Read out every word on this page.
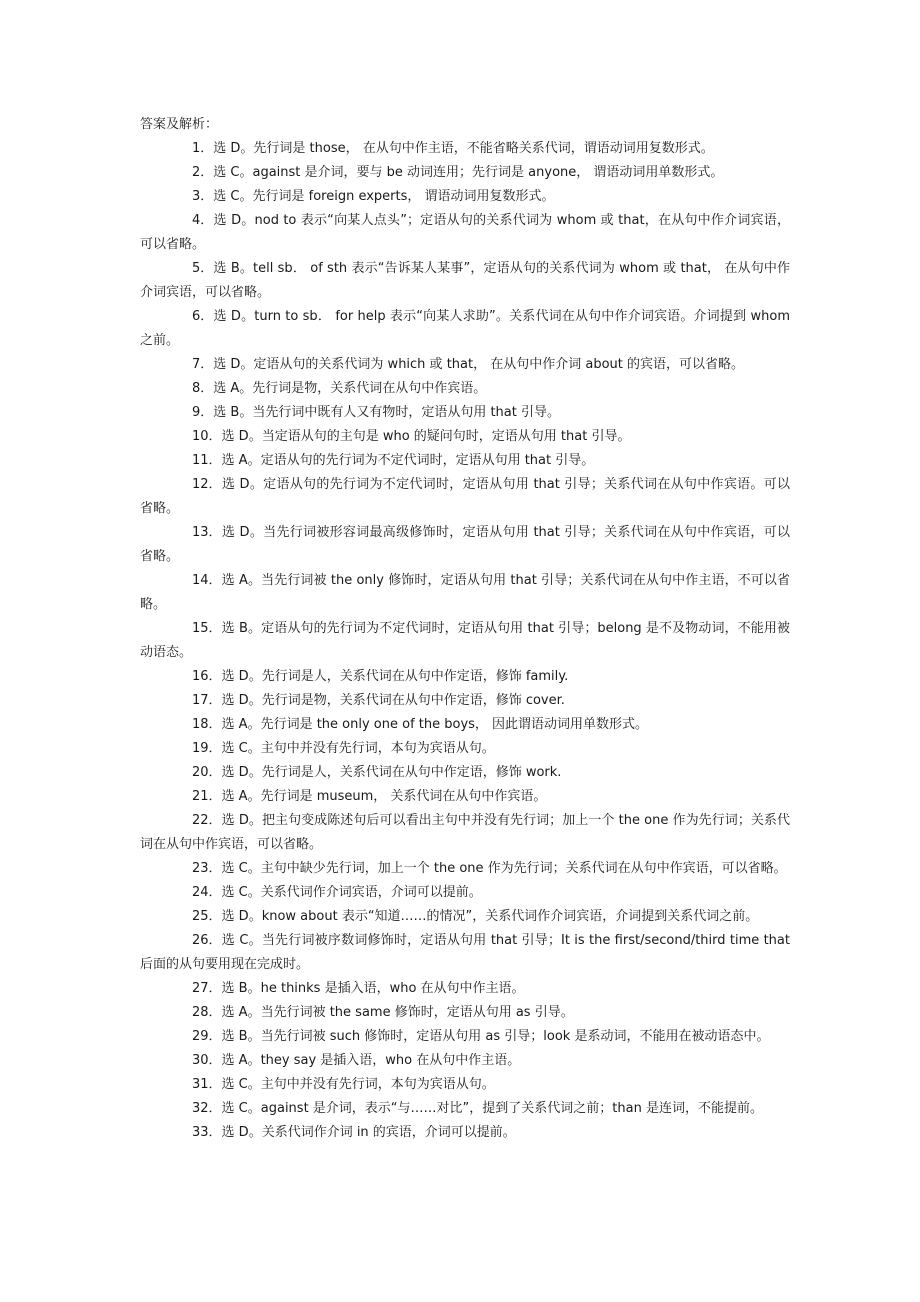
答案及解析：

1．选 D。先行词是 those， 在从句中作主语，不能省略关系代词，谓语动词用复数形式。

2．选 C。against 是介词，要与 be 动词连用；先行词是 anyone， 谓语动词用单数形式。

3．选 C。先行词是 foreign experts， 谓语动词用复数形式。

4．选 D。nod to 表示“向某人点头”；定语从句的关系代词为 whom 或 that，在从句中作介词宾语，可以省略。

5．选 B。tell sb． of sth 表示“告诉某人某事”，定语从句的关系代词为 whom 或 that， 在从句中作介词宾语，可以省略。

6．选 D。turn to sb． for help 表示“向某人求助”。关系代词在从句中作介词宾语。介词提到 whom 之前。

7．选 D。定语从句的关系代词为 which 或 that， 在从句中作介词 about 的宾语，可以省略。

8．选 A。先行词是物，关系代词在从句中作宾语。

9．选 B。当先行词中既有人又有物时，定语从句用 that 引导。

10．选 D。当定语从句的主句是 who 的疑问句时，定语从句用 that 引导。

11．选 A。定语从句的先行词为不定代词时，定语从句用 that 引导。

12．选 D。定语从句的先行词为不定代词时，定语从句用 that 引导；关系代词在从句中作宾语。可以省略。

13．选 D。当先行词被形容词最高级修饰时，定语从句用 that 引导；关系代词在从句中作宾语，可以省略。

14．选 A。当先行词被 the only 修饰时，定语从句用 that 引导；关系代词在从句中作主语，不可以省略。

15．选 B。定语从句的先行词为不定代词时，定语从句用 that 引导；belong 是不及物动词，不能用被动语态。

16．选 D。先行词是人，关系代词在从句中作定语，修饰 family.

17．选 D。先行词是物，关系代词在从句中作定语，修饰 cover.

18．选 A。先行词是 the only one of the boys， 因此谓语动词用单数形式。

19．选 C。主句中并没有先行词，本句为宾语从句。

20．选 D。先行词是人，关系代词在从句中作定语，修饰 work.

21．选 A。先行词是 museum， 关系代词在从句中作宾语。

22．选 D。把主句变成陈述句后可以看出主句中并没有先行词；加上一个 the one 作为先行词；关系代词在从句中作宾语，可以省略。

23．选 C。主句中缺少先行词，加上一个 the one 作为先行词；关系代词在从句中作宾语，可以省略。

24．选 C。关系代词作介词宾语，介词可以提前。

25．选 D。know about 表示“知道……的情况”，关系代词作介词宾语，介词提到关系代词之前。

26．选 C。当先行词被序数词修饰时，定语从句用 that 引导；It is the first/second/third time that 后面的从句要用现在完成时。

27．选 B。he thinks 是插入语，who 在从句中作主语。

28．选 A。当先行词被 the same 修饰时，定语从句用 as 引导。

29．选 B。当先行词被 such 修饰时，定语从句用 as 引导；look 是系动词，不能用在被动语态中。

30．选 A。they say 是插入语，who 在从句中作主语。

31．选 C。主句中并没有先行词，本句为宾语从句。

32．选 C。against 是介词，表示“与……对比”，提到了关系代词之前；than 是连词，不能提前。

33．选 D。关系代词作介词 in 的宾语，介词可以提前。
